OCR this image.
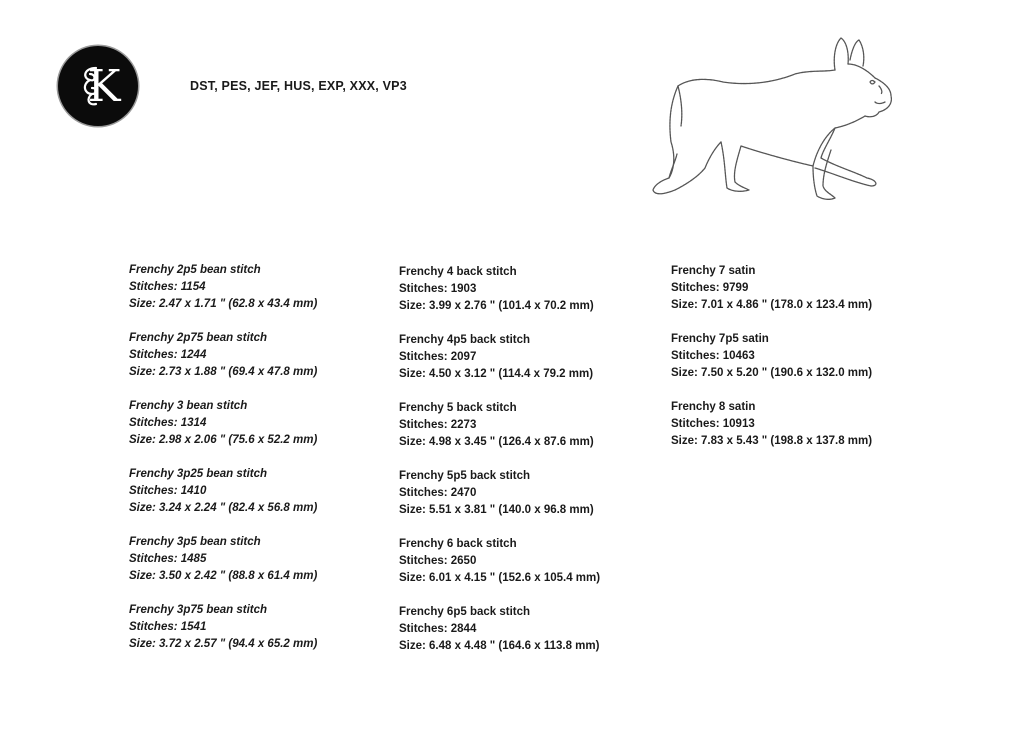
K	DST, PES, JEF, HUS, EXP, XXX, VP3
Frenchy 2p5 bean stitch
Stitches: 1154
Size: 2.47 x 1.71 " (62.8 x 43.4 mm)
Frenchy 2p75 bean stitch
Stitches: 1244
Size: 2.73 x 1.88 " (69.4 x 47.8 mm)
Frenchy 3 bean stitch
Stitches: 1314
Size: 2.98 x 2.06 " (75.6 x 52.2 mm)
Frenchy 3p25 bean stitch
Stitches: 1410
Size: 3.24 x 2.24 " (82.4 x 56.8 mm)
Frenchy 3p5 bean stitch
Stitches: 1485
Size: 3.50 x 2.42 " (88.8 x 61.4 mm)
Frenchy 3p75 bean stitch
Stitches: 1541
Size: 3.72 x 2.57 " (94.4 x 65.2 mm)
Frenchy 4 back stitch
Stitches: 1903
Size: 3.99 x 2.76 " (101.4 x 70.2 mm)
Frenchy 4p5 back stitch
Stitches: 2097
Size: 4.50 x 3.12 " (114.4 x 79.2 mm)
Frenchy 5 back stitch
Stitches: 2273
Size: 4.98 x 3.45 " (126.4 x 87.6 mm)
Frenchy 5p5 back stitch
Stitches: 2470
Size: 5.51 x 3.81 " (140.0 x 96.8 mm)
Frenchy 6 back stitch
Stitches: 2650
Size: 6.01 x 4.15 " (152.6 x 105.4 mm)
Frenchy 6p5 back stitch
Stitches: 2844
Size: 6.48 x 4.48 " (164.6 x 113.8 mm)
Frenchy 7 satin
Stitches: 9799
Size: 7.01 x 4.86 " (178.0 x 123.4 mm)
Frenchy 7p5 satin
Stitches: 10463
Size: 7.50 x 5.20 " (190.6 x 132.0 mm)
Frenchy 8 satin
Stitches: 10913
Size: 7.83 x 5.43 " (198.8 x 137.8 mm)
